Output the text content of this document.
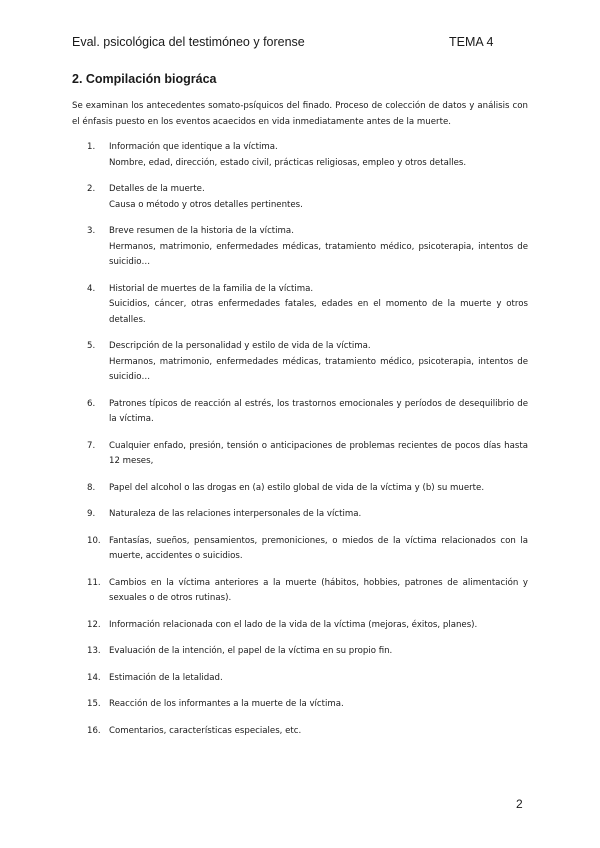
Eval. psicológica del testimóneo y forense	TEMA 4
2. Compilación biográca

Se examinan los antecedentes somato-psíquicos del finado. Proceso de colección de datos y análisis con el énfasis puesto en los eventos acaecidos en vida inmediatamente antes de la muerte.

1. Información que identique a la víctima.
Nombre, edad, dirección, estado civil, prácticas religiosas, empleo y otros detalles.
2. Detalles de la muerte.
Causa o método y otros detalles pertinentes.
3. Breve resumen de la historia de la víctima.
Hermanos, matrimonio, enfermedades médicas, tratamiento médico, psicoterapia, intentos de suicidio…
4. Historial de muertes de la familia de la víctima.
Suicidios, cáncer, otras enfermedades fatales, edades en el momento de la muerte y otros detalles.
5. Descripción de la personalidad y estilo de vida de la víctima.
Hermanos, matrimonio, enfermedades médicas, tratamiento médico, psicoterapia, intentos de suicidio…
6. Patrones típicos de reacción al estrés, los trastornos emocionales y períodos de desequilibrio de la víctima.
7. Cualquier enfado, presión, tensión o anticipaciones de problemas recientes de pocos días hasta 12 meses,
8. Papel del alcohol o las drogas en (a) estilo global de vida de la víctima y (b) su muerte.
9. Naturaleza de las relaciones interpersonales de la víctima.
10. Fantasías, sueños, pensamientos, premoniciones, o miedos de la víctima relacionados con la muerte, accidentes o suicidios.
11. Cambios en la víctima anteriores a la muerte (hábitos, hobbies, patrones de alimentación y sexuales o de otros rutinas).
12. Información relacionada con el lado de la vida de la víctima (mejoras, éxitos, planes).
13. Evaluación de la intención, el papel de la víctima en su propio fin.
14. Estimación de la letalidad.
15. Reacción de los informantes a la muerte de la víctima.
16. Comentarios, características especiales, etc.
2
